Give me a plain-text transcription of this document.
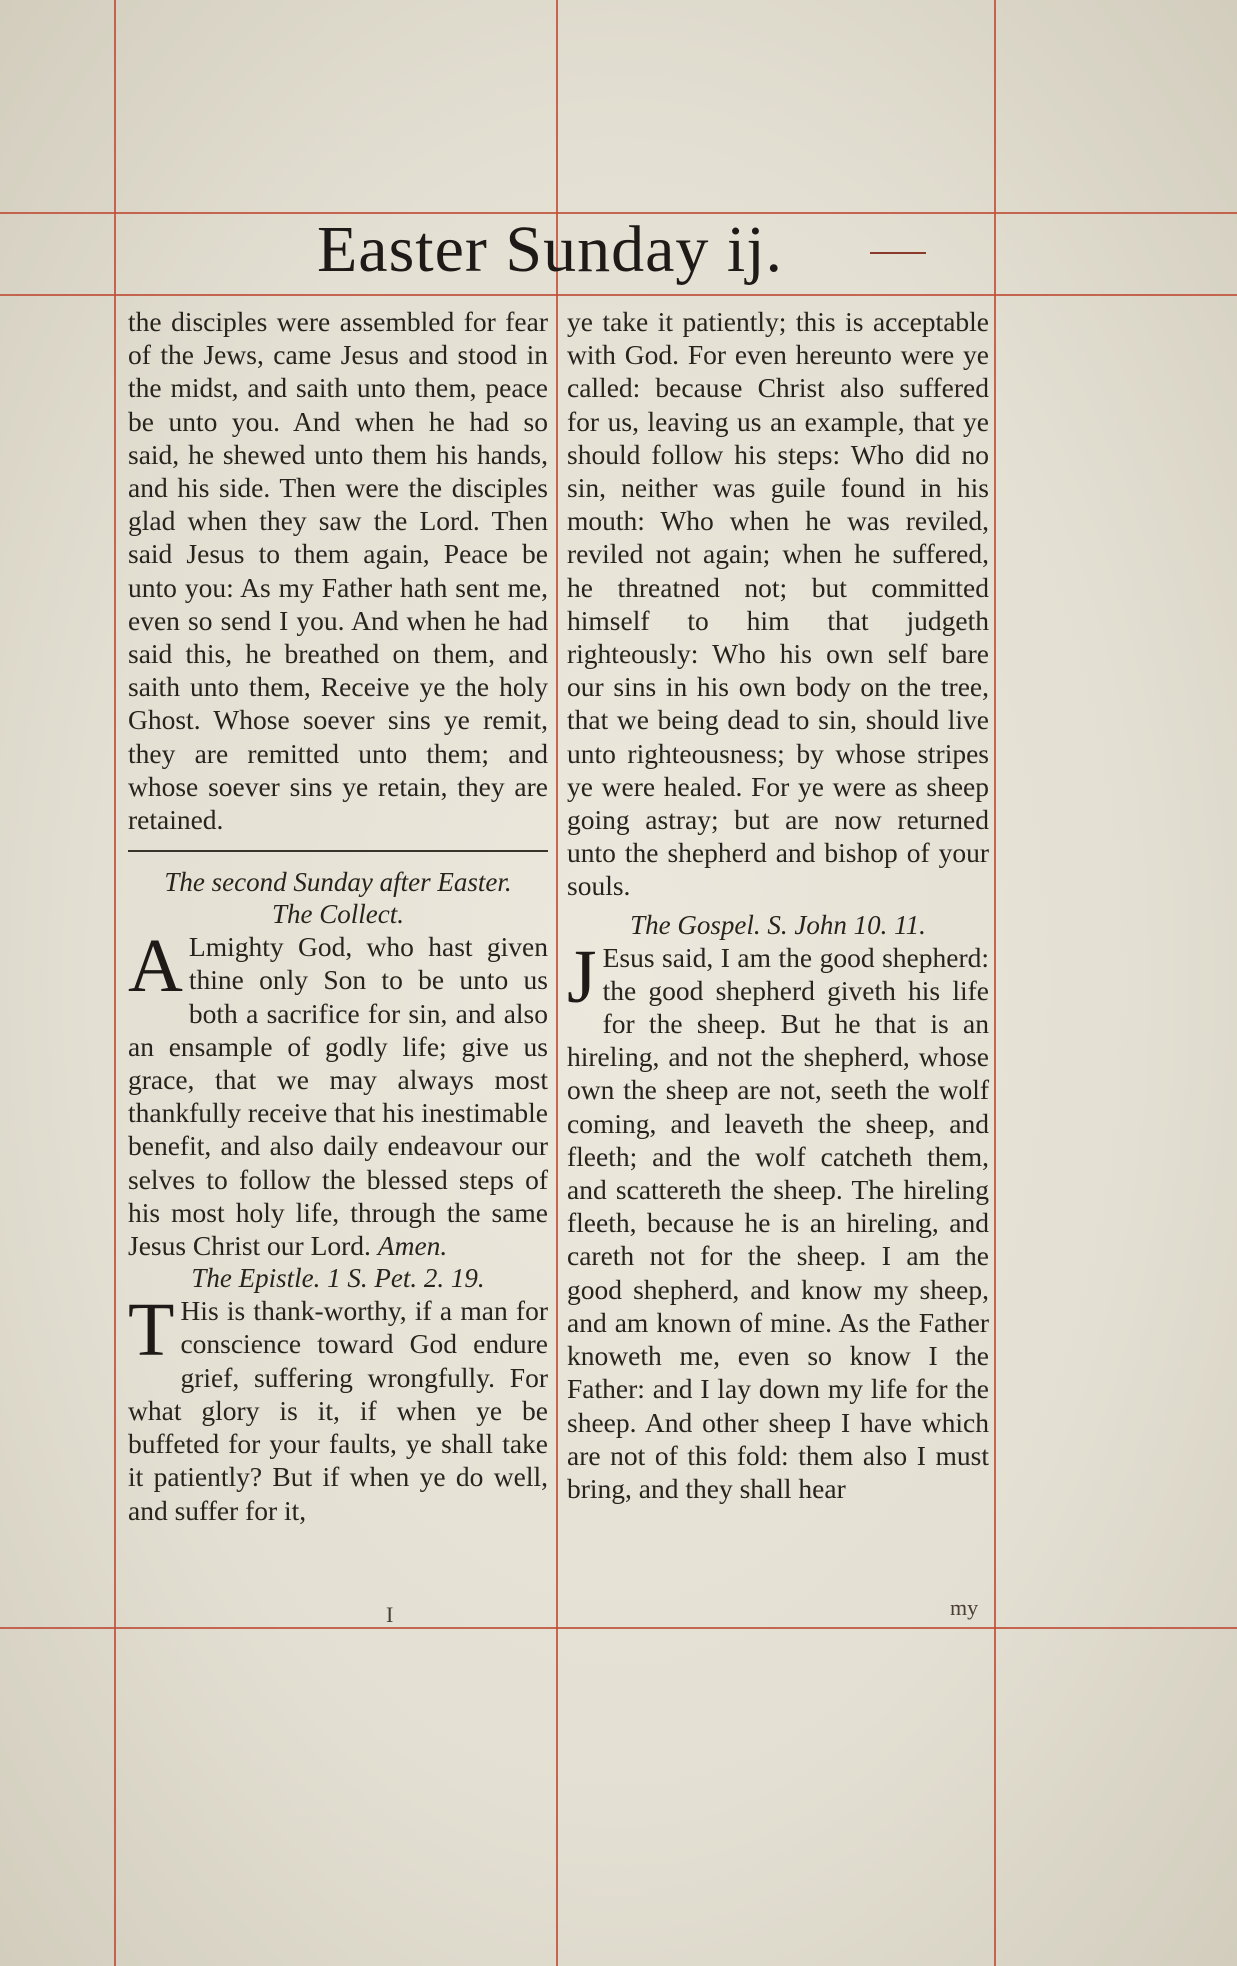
Easter Sunday ij.

the disciples were assembled for fear of the Jews, came Jesus and stood in the midst, and saith unto them, peace be unto you. And when he had so said, he shewed unto them his hands, and his side. Then were the disciples glad when they saw the Lord. Then said Jesus to them again, Peace be unto you: As my Father hath sent me, even so send I you. And when he had said this, he breathed on them, and saith unto them, Receive ye the holy Ghost. Whose soever sins ye remit, they are remitted unto them; and whose soever sins ye retain, they are retained.

The second Sunday after Easter.
The Collect.

A Lmighty God, who hast given thine only Son to be unto us both a sacrifice for sin, and also an ensample of godly life; give us grace, that we may always most thankfully receive that his inestimable benefit, and also daily endeavour our selves to follow the blessed steps of his most holy life, through the same Jesus Christ our Lord. Amen.

The Epistle. 1 S. Pet. 2. 19.

T His is thank-worthy, if a man for conscience toward God endure grief, suffering wrongfully. For what glory is it, if when ye be buffeted for your faults, ye shall take it patiently? But if when ye do well, and suffer for it,

ye take it patiently; this is acceptable with God. For even hereunto were ye called: because Christ also suffered for us, leaving us an example, that ye should follow his steps: Who did no sin, neither was guile found in his mouth: Who when he was reviled, reviled not again; when he suffered, he threatned not; but committed himself to him that judgeth righteously: Who his own self bare our sins in his own body on the tree, that we being dead to sin, should live unto righteousness; by whose stripes ye were healed. For ye were as sheep going astray; but are now returned unto the shepherd and bishop of your souls.

The Gospel. S. John 10. 11.

J Esus said, I am the good shepherd: the good shepherd giveth his life for the sheep. But he that is an hireling, and not the shepherd, whose own the sheep are not, seeth the wolf coming, and leaveth the sheep, and fleeth; and the wolf catcheth them, and scattereth the sheep. The hireling fleeth, because he is an hireling, and careth not for the sheep. I am the good shepherd, and know my sheep, and am known of mine. As the Father knoweth me, even so know I the Father: and I lay down my life for the sheep. And other sheep I have which are not of this fold: them also I must bring, and they shall hear

I	my
